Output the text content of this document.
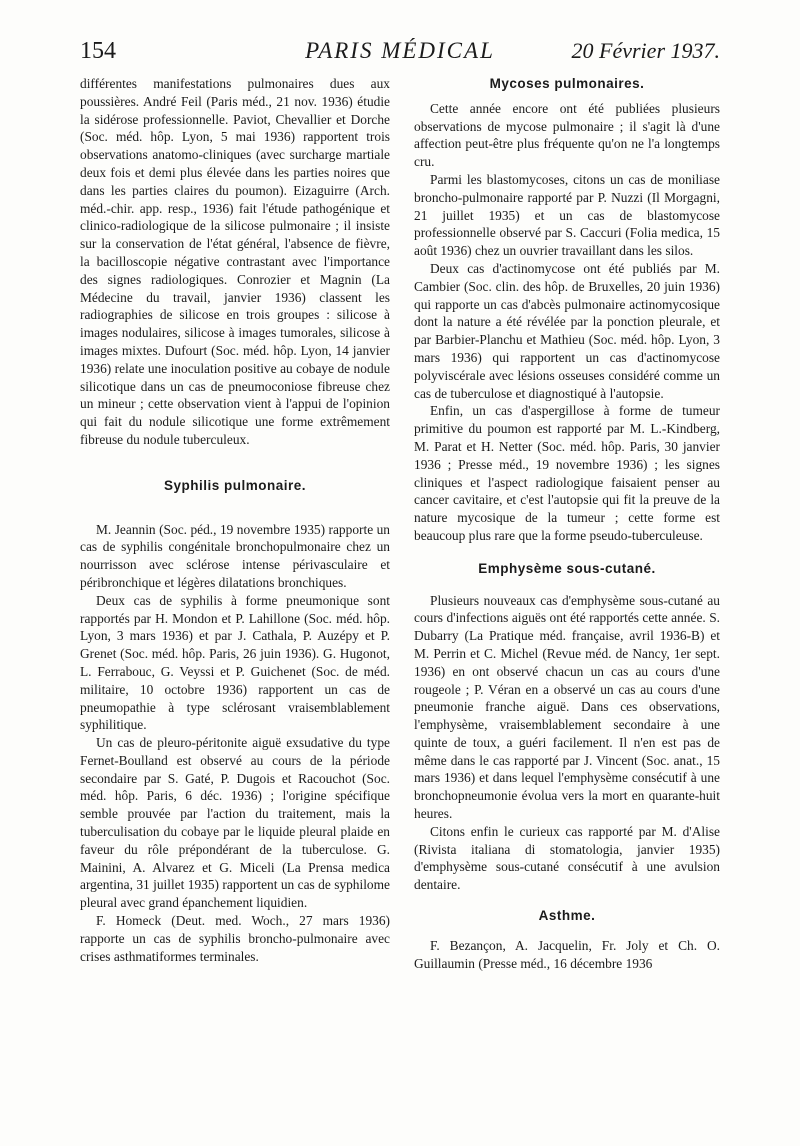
154	PARIS MÉDICAL	20 Février 1937.

différentes manifestations pulmonaires dues aux poussières. André Feil (Paris méd., 21 nov. 1936) étudie la sidérose professionnelle. Paviot, Chevallier et Dorche (Soc. méd. hôp. Lyon, 5 mai 1936) rapportent trois observations anatomo-cliniques (avec surcharge martiale deux fois et demi plus élevée dans les parties noires que dans les parties claires du poumon). Eizaguirre (Arch. méd.-chir. app. resp., 1936) fait l'étude pathogénique et clinico-radiologique de la silicose pulmonaire ; il insiste sur la conservation de l'état général, l'absence de fièvre, la bacilloscopie négative contrastant avec l'importance des signes radiologiques. Conrozier et Magnin (La Médecine du travail, janvier 1936) classent les radiographies de silicose en trois groupes : silicose à images nodulaires, silicose à images tumorales, silicose à images mixtes. Dufourt (Soc. méd. hôp. Lyon, 14 janvier 1936) relate une inoculation positive au cobaye de nodule silicotique dans un cas de pneumoconiose fibreuse chez un mineur ; cette observation vient à l'appui de l'opinion qui fait du nodule silicotique une forme extrêmement fibreuse du nodule tuberculeux.

Syphilis pulmonaire.

M. Jeannin (Soc. péd., 19 novembre 1935) rapporte un cas de syphilis congénitale bronchopulmonaire chez un nourrisson avec sclérose intense périvasculaire et péribronchique et légères dilatations bronchiques.

Deux cas de syphilis à forme pneumonique sont rapportés par H. Mondon et P. Lahillone (Soc. méd. hôp. Lyon, 3 mars 1936) et par J. Cathala, P. Auzépy et P. Grenet (Soc. méd. hôp. Paris, 26 juin 1936). G. Hugonot, L. Ferrabouc, G. Veyssi et P. Guichenet (Soc. de méd. militaire, 10 octobre 1936) rapportent un cas de pneumopathie à type sclérosant vraisemblablement syphilitique.

Un cas de pleuro-péritonite aiguë exsudative du type Fernet-Boulland est observé au cours de la période secondaire par S. Gaté, P. Dugois et Racouchot (Soc. méd. hôp. Paris, 6 déc. 1936) ; l'origine spécifique semble prouvée par l'action du traitement, mais la tuberculisation du cobaye par le liquide pleural plaide en faveur du rôle prépondérant de la tuberculose. G. Mainini, A. Alvarez et G. Miceli (La Prensa medica argentina, 31 juillet 1935) rapportent un cas de syphilome pleural avec grand épanchement liquidien.

F. Homeck (Deut. med. Woch., 27 mars 1936) rapporte un cas de syphilis broncho-pulmonaire avec crises asthmatiformes terminales.

Mycoses pulmonaires.

Cette année encore ont été publiées plusieurs observations de mycose pulmonaire ; il s'agit là d'une affection peut-être plus fréquente qu'on ne l'a longtemps cru.

Parmi les blastomycoses, citons un cas de moniliase broncho-pulmonaire rapporté par P. Nuzzi (Il Morgagni, 21 juillet 1935) et un cas de blastomycose professionnelle observé par S. Caccuri (Folia medica, 15 août 1936) chez un ouvrier travaillant dans les silos.

Deux cas d'actinomycose ont été publiés par M. Cambier (Soc. clin. des hôp. de Bruxelles, 20 juin 1936) qui rapporte un cas d'abcès pulmonaire actinomycosique dont la nature a été révélée par la ponction pleurale, et par Barbier-Planchu et Mathieu (Soc. méd. hôp. Lyon, 3 mars 1936) qui rapportent un cas d'actinomycose polyviscérale avec lésions osseuses considéré comme un cas de tuberculose et diagnostiqué à l'autopsie.

Enfin, un cas d'aspergillose à forme de tumeur primitive du poumon est rapporté par M. L.-Kindberg, M. Parat et H. Netter (Soc. méd. hôp. Paris, 30 janvier 1936 ; Presse méd., 19 novembre 1936) ; les signes cliniques et l'aspect radiologique faisaient penser au cancer cavitaire, et c'est l'autopsie qui fit la preuve de la nature mycosique de la tumeur ; cette forme est beaucoup plus rare que la forme pseudo-tuberculeuse.

Emphysème sous-cutané.

Plusieurs nouveaux cas d'emphysème sous-cutané au cours d'infections aiguës ont été rapportés cette année. S. Dubarry (La Pratique méd. française, avril 1936-B) et M. Perrin et C. Michel (Revue méd. de Nancy, 1er sept. 1936) en ont observé chacun un cas au cours d'une rougeole ; P. Véran en a observé un cas au cours d'une pneumonie franche aiguë. Dans ces observations, l'emphysème, vraisemblablement secondaire à une quinte de toux, a guéri facilement. Il n'en est pas de même dans le cas rapporté par J. Vincent (Soc. anat., 15 mars 1936) et dans lequel l'emphysème consécutif à une bronchopneumonie évolua vers la mort en quarante-huit heures.

Citons enfin le curieux cas rapporté par M. d'Alise (Rivista italiana di stomatologia, janvier 1935) d'emphysème sous-cutané consécutif à une avulsion dentaire.

Asthme.

F. Bezançon, A. Jacquelin, Fr. Joly et Ch. O. Guillaumin (Presse méd., 16 décembre 1936
